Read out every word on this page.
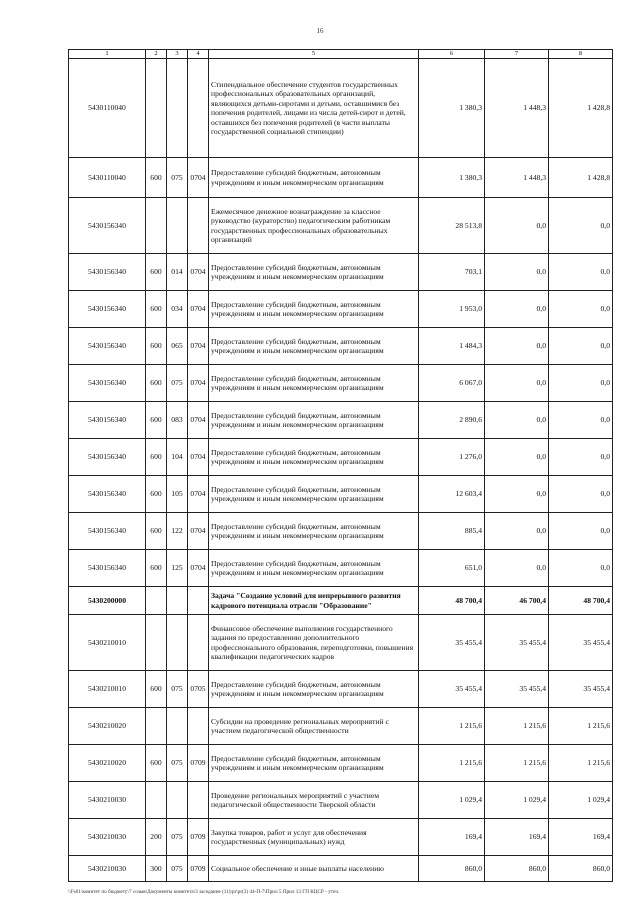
16
1	2	3	4	5	6	7	8
5430110040				Стипендиальное обеспечение студентов государственных профессиональных образовательных организаций, являющихся детьми-сиротами и детьми, оставшимися без попечения родителей, лицами из числа детей-сирот и детей, оставшихся без попечения родителей (в части выплаты государственной социальной стипендии)	1 380,3	1 448,3	1 428,8
5430110040	600	075	0704	Предоставление субсидий бюджетным, автономным учреждениям и иным некоммерческим организациям	1 380,3	1 448,3	1 428,8
5430156340				Ежемесячное денежное вознаграждение за классное руководство (кураторство) педагогическим работникам государственных профессиональных образовательных организаций	28 513,8	0,0	0,0
5430156340	600	014	0704	Предоставление субсидий бюджетным, автономным учреждениям и иным некоммерческим организациям	703,1	0,0	0,0
5430156340	600	034	0704	Предоставление субсидий бюджетным, автономным учреждениям и иным некоммерческим организациям	1 953,0	0,0	0,0
5430156340	600	065	0704	Предоставление субсидий бюджетным, автономным учреждениям и иным некоммерческим организациям	1 484,3	0,0	0,0
5430156340	600	075	0704	Предоставление субсидий бюджетным, автономным учреждениям и иным некоммерческим организациям	6 067,0	0,0	0,0
5430156340	600	083	0704	Предоставление субсидий бюджетным, автономным учреждениям и иным некоммерческим организациям	2 890,6	0,0	0,0
5430156340	600	104	0704	Предоставление субсидий бюджетным, автономным учреждениям и иным некоммерческим организациям	1 276,0	0,0	0,0
5430156340	600	105	0704	Предоставление субсидий бюджетным, автономным учреждениям и иным некоммерческим организациям	12 603,4	0,0	0,0
5430156340	600	122	0704	Предоставление субсидий бюджетным, автономным учреждениям и иным некоммерческим организациям	885,4	0,0	0,0
5430156340	600	125	0704	Предоставление субсидий бюджетным, автономным учреждениям и иным некоммерческим организациям	651,0	0,0	0,0
5430200000				Задача "Создание условий для непрерывного развития кадрового потенциала отрасли "Образование"	48 700,4	46 700,4	48 700,4
5430210010				Финансовое обеспечение выполнения государственного задания по предоставлению дополнительного профессионального образования, переподготовки, повышения квалификации педагогических кадров	35 455,4	35 455,4	35 455,4
5430210010	600	075	0705	Предоставление субсидий бюджетным, автономным учреждениям и иным некоммерческим организациям	35 455,4	35 455,4	35 455,4
5430210020				Субсидии на проведение региональных мероприятий с участием педагогической общественности	1 215,6	1 215,6	1 215,6
5430210020	600	075	0709	Предоставление субсидий бюджетным, автономным учреждениям и иным некоммерческим организациям	1 215,6	1 215,6	1 215,6
5430210030				Проведение региональных мероприятий с участием педагогической общественности Тверской области	1 029,4	1 029,4	1 029,4
5430210030	200	075	0709	Закупка товаров, работ и услуг для обеспечения государственных (муниципальных) нужд	169,4	169,4	169,4
5430210030	300	075	0709	Социальное обеспечение и иные выплаты населению	860,0	860,0	860,0
\\Fs01\комитет по бюджету\7 созыв\Документы комитета\3 заседание (11)\pr\pr(3) 44-П-7\Прил 5 Прил 13 ГП КЦСР - уточ.
